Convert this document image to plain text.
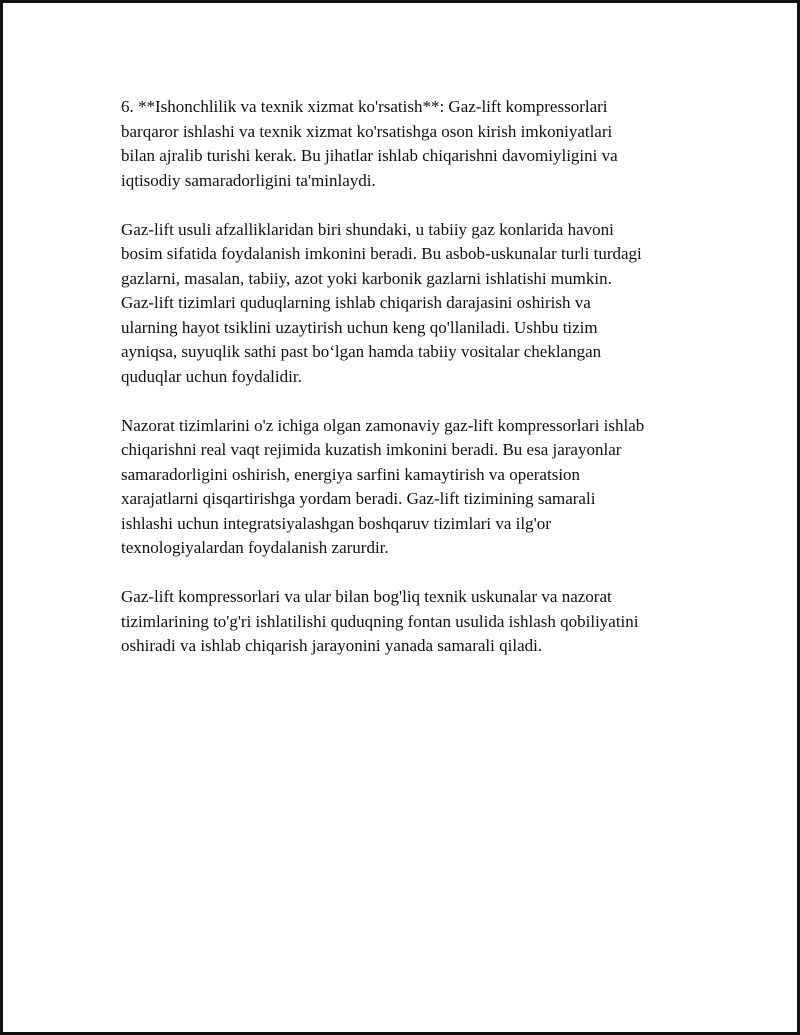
6. **Ishonchlilik va texnik xizmat ko'rsatish**: Gaz-lift kompressorlari
barqaror ishlashi va texnik xizmat ko'rsatishga oson kirish imkoniyatlari
bilan ajralib turishi kerak. Bu jihatlar ishlab chiqarishni davomiyligini va
iqtisodiy samaradorligini ta'minlaydi.

Gaz-lift usuli afzalliklaridan biri shundaki, u tabiiy gaz konlarida havoni
bosim sifatida foydalanish imkonini beradi. Bu asbob-uskunalar turli turdagi
gazlarni, masalan, tabiiy, azot yoki karbonik gazlarni ishlatishi mumkin.
Gaz-lift tizimlari quduqlarning ishlab chiqarish darajasini oshirish va
ularning hayot tsiklini uzaytirish uchun keng qo'llaniladi. Ushbu tizim
ayniqsa, suyuqlik sathi past bo‘lgan hamda tabiiy vositalar cheklangan
quduqlar uchun foydalidir.

Nazorat tizimlarini o'z ichiga olgan zamonaviy gaz-lift kompressorlari ishlab
chiqarishni real vaqt rejimida kuzatish imkonini beradi. Bu esa jarayonlar
samaradorligini oshirish, energiya sarfini kamaytirish va operatsion
xarajatlarni qisqartirishga yordam beradi. Gaz-lift tizimining samarali
ishlashi uchun integratsiyalashgan boshqaruv tizimlari va ilg'or
texnologiyalardan foydalanish zarurdir.

Gaz-lift kompressorlari va ular bilan bog'liq texnik uskunalar va nazorat
tizimlarining to'g'ri ishlatilishi quduqning fontan usulida ishlash qobiliyatini
oshiradi va ishlab chiqarish jarayonini yanada samarali qiladi.
